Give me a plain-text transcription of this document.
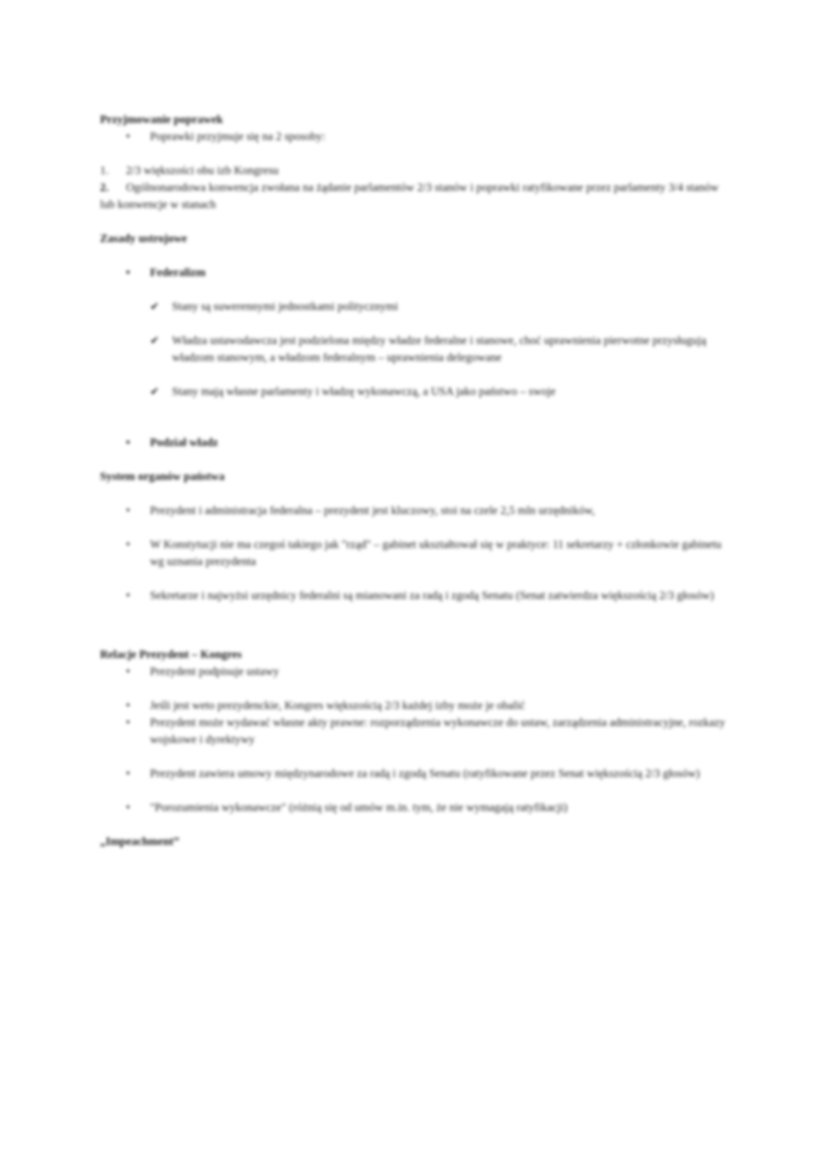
Przyjmowanie poprawek

• Poprawki przyjmuje się na 2 sposoby:
1. 2/3 większości obu izb Kongresu
2. Ogólnonarodowa konwencja zwołana na żądanie parlamentów 2/3 stanów i poprawki ratyfikowane przez parlamenty 3/4 stanów lub konwencje w stanach

Zasady ustrojowe

• Federalizm
✔ Stany są suwerennymi jednostkami politycznymi
✔ Władza ustawodawcza jest podzielona między władze federalne i stanowe, choć uprawnienia pierwotne przysługują władzom stanowym, a władzom federalnym – uprawnienia delegowane
✔ Stany mają własne parlamenty i władzę wykonawczą, a USA jako państwo – swoje
• Podział władz

System organów państwa

• Prezydent i administracja federalna – prezydent jest kluczowy, stoi na czele 2,5 mln urzędników,
• W Konstytucji nie ma czegoś takiego jak "rząd" – gabinet ukształtował się w praktyce: 11 sekretarzy + członkowie gabinetu wg uznania prezydenta
• Sekretarze i najwyżsi urzędnicy federalni są mianowani za radą i zgodą Senatu (Senat zatwierdza większością 2/3 głosów)

Relacje Prezydent – Kongres

• Prezydent podpisuje ustawy
• Jeśli jest weto prezydenckie, Kongres większością 2/3 każdej izby może je obalić
• Prezydent może wydawać własne akty prawne: rozporządzenia wykonawcze do ustaw, zarządzenia administracyjne, rozkazy wojskowe i dyrektywy
• Prezydent zawiera umowy międzynarodowe za radą i zgodą Senatu (ratyfikowane przez Senat większością 2/3 głosów)
• "Porozumienia wykonawcze" (różnią się od umów m.in. tym, że nie wymagają ratyfikacji)

„Impeachment”
